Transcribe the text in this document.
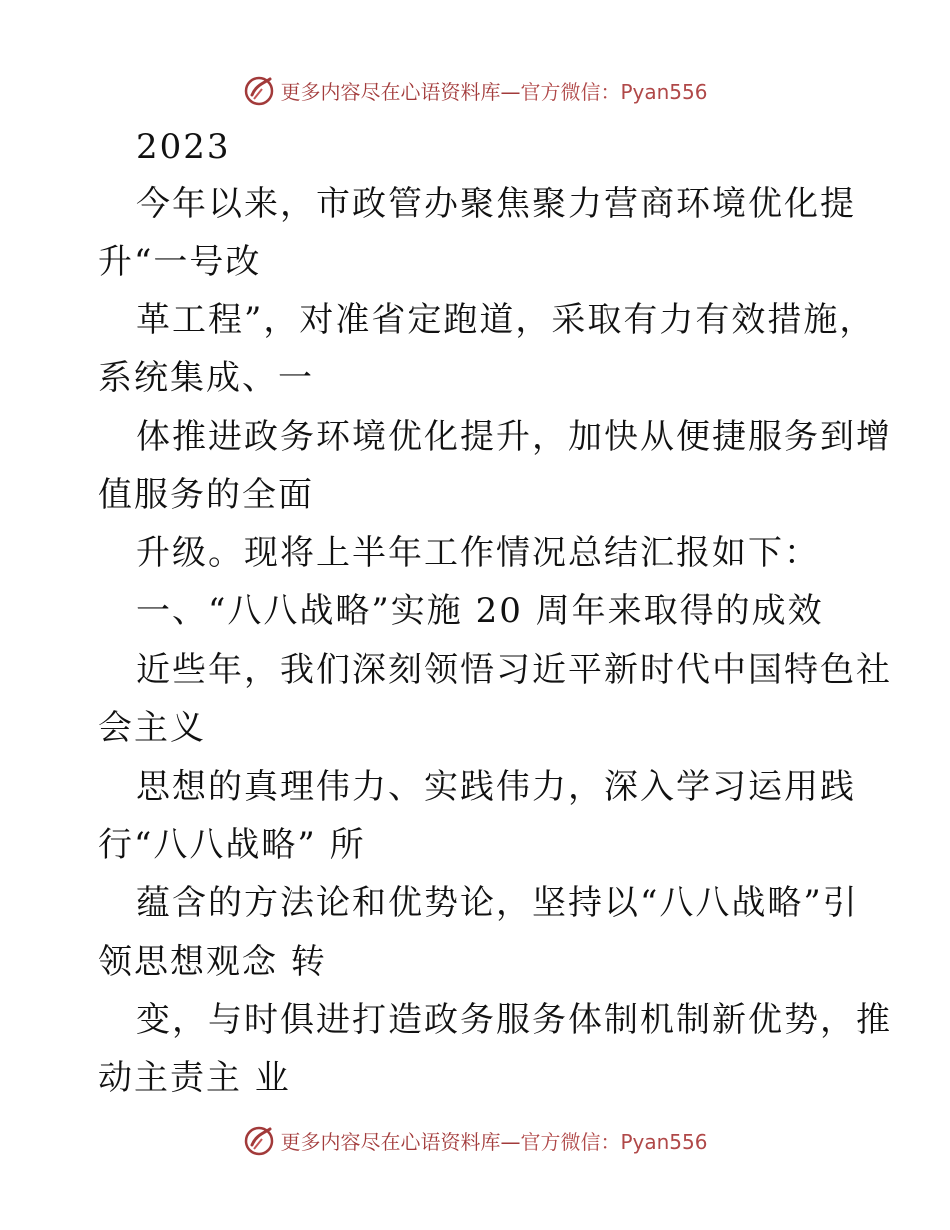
更多内容尽在心语资料库—官方微信：Pyan556
2023
今年以来，市政管办聚焦聚力营商环境优化提
升“一号改
革工程”，对准省定跑道，采取有力有效措施，
系统集成、一
体推进政务环境优化提升，加快从便捷服务到增
值服务的全面
升级。现将上半年工作情况总结汇报如下：
一、“八八战略”实施 20 周年来取得的成效
近些年，我们深刻领悟习近平新时代中国特色社
会主义
思想的真理伟力、实践伟力，深入学习运用践
行“八八战略” 所
蕴含的方法论和优势论，坚持以“八八战略”引
领思想观念 转
变，与时俱进打造政务服务体制机制新优势，推
动主责主 业
更多内容尽在心语资料库—官方微信：Pyan556
